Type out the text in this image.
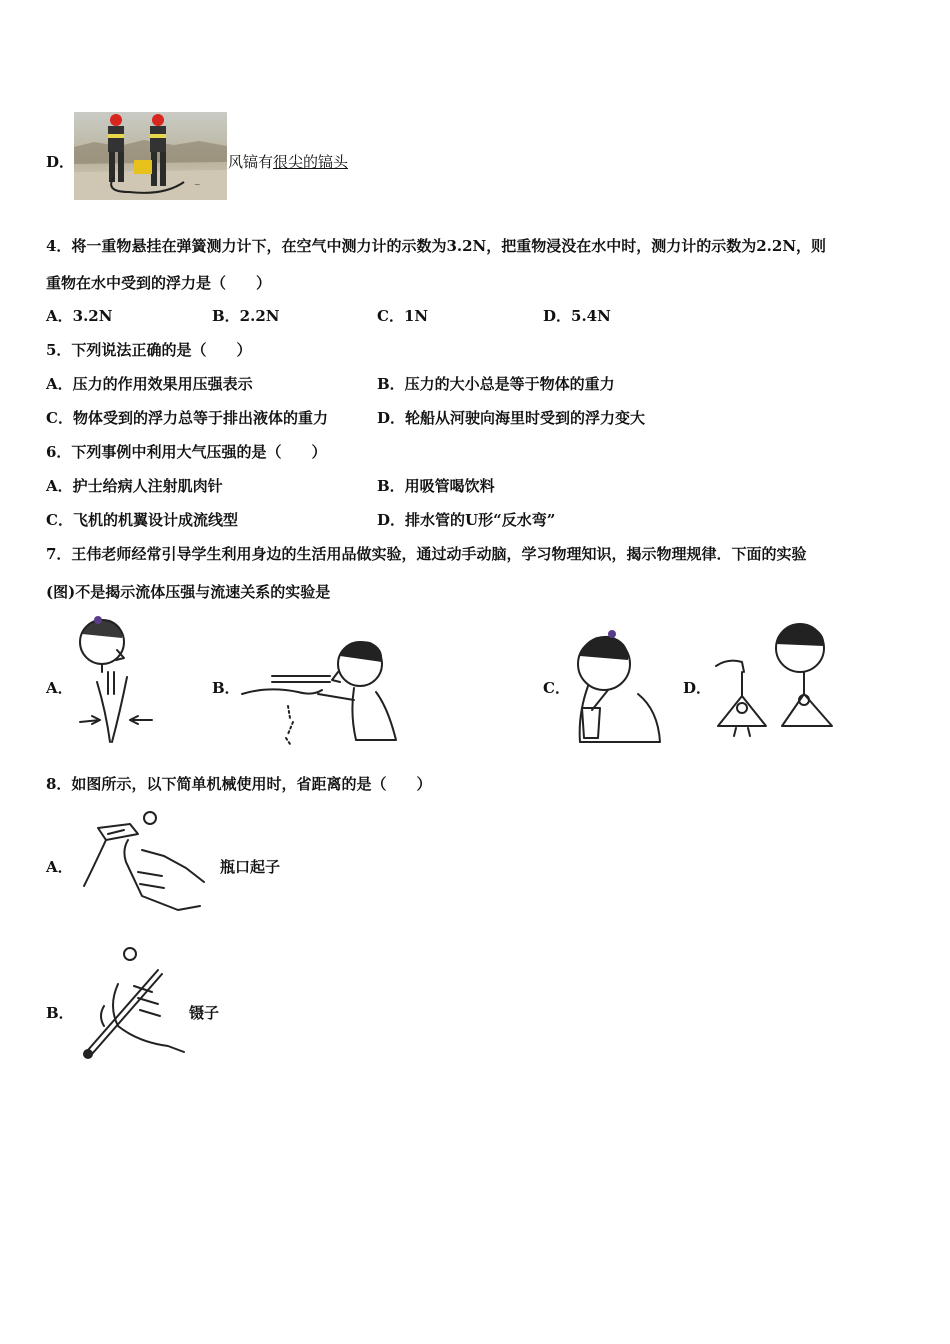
D．
~
风镐有很尖的镐头
4．将一重物悬挂在弹簧测力计下，在空气中测力计的示数为3.2N，把重物浸没在水中时，测力计的示数为2.2N，则
重物在水中受到的浮力是（　　）
A．3.2N	B．2.2N	C．1N	D．5.4N
5．下列说法正确的是（　　）
A．压力的作用效果用压强表示	B．压力的大小总是等于物体的重力
C．物体受到的浮力总等于排出液体的重力	D．轮船从河驶向海里时受到的浮力变大
6．下列事例中利用大气压强的是（　　）
A．护士给病人注射肌肉针	B．用吸管喝饮料
C．飞机的机翼设计成流线型	D．排水管的U形“反水弯”
7．王伟老师经常引导学生利用身边的生活用品做实验，通过动手动脑，学习物理知识，揭示物理规律．下面的实验
(图)不是揭示流体压强与流速关系的实验是
A．	B．	C．	D．
8．如图所示，以下简单机械使用时，省距离的是（　　）
A．	瓶口起子
B．	镊子
